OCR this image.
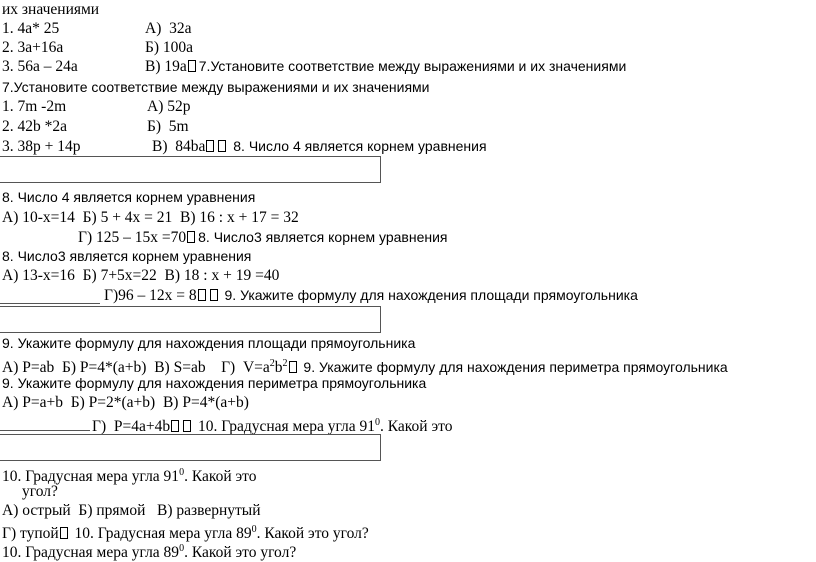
их значениями
1. 4a* 25	А)  32а
2. 3a+16a	Б) 100а
3. 56a – 24a	В) 19а 7.Установите соответствие между выражениями и их значениями
7.Установите соответствие между выражениями и их значениями
1. 7m -2m	А) 52р
2. 42b *2a	Б)  5m
3. 38p + 14p	В)  84bа 8. Число 4 является корнем уравнения
8. Число 4 является корнем уравнения
А) 10-х=14  Б) 5 + 4х = 21  В) 16 : х + 17 = 32
Г) 125 – 15х =70 8. Число3 является корнем уравнения
8. Число3 является корнем уравнения
А) 13-х=16  Б) 7+5х=22  В) 18 : х + 19 =40
Г)96 – 12х = 8 9. Укажите формулу для нахождения площади прямоугольника
9. Укажите формулу для нахождения площади прямоугольника
А) Р=аb  Б) Р=4*(a+b)  В) S=ab    Г)  $V=a^2b^2$ 9. Укажите формулу для нахождения периметра прямоугольника
9. Укажите формулу для нахождения периметра прямоугольника
А) Р=а+b  Б) Р=2*(a+b)  В) Р=4*(a+b)
Г)  Р=4a+4b 10. Градусная мера угла $91^0$. Какой это
10. Градусная мера угла $91^0$. Какой это
угол?
А) острый  Б) прямой   В) развернутый
Г) тупой 10. Градусная мера угла $89^0$. Какой это угол?
10. Градусная мера угла $89^0$. Какой это угол?
